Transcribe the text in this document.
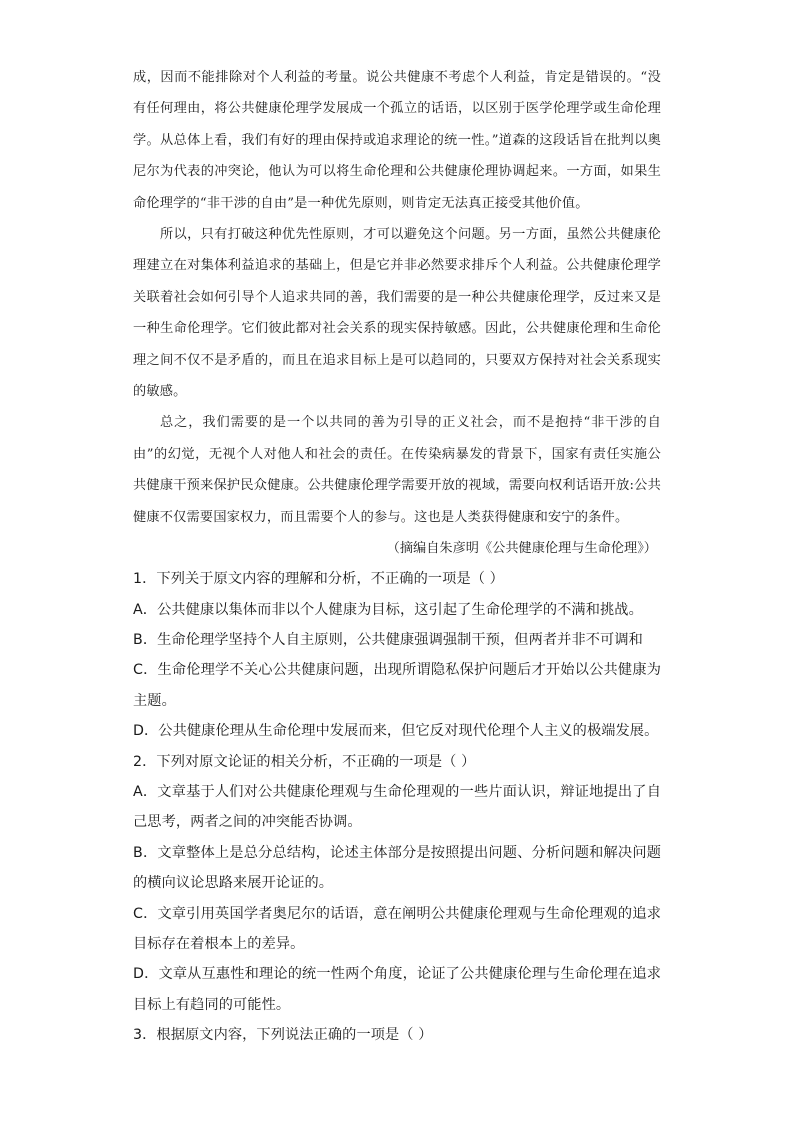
成，因而不能排除对个人利益的考量。说公共健康不考虑个人利益，肯定是错误的。“没有任何理由，将公共健康伦理学发展成一个孤立的话语，以区别于医学伦理学或生命伦理学。从总体上看，我们有好的理由保持或追求理论的统一性。”道森的这段话旨在批判以奥尼尔为代表的冲突论，他认为可以将生命伦理和公共健康伦理协调起来。一方面，如果生命伦理学的“非干涉的自由”是一种优先原则，则肯定无法真正接受其他价值。

所以，只有打破这种优先性原则，才可以避免这个问题。另一方面，虽然公共健康伦理建立在对集体利益追求的基础上，但是它并非必然要求排斥个人利益。公共健康伦理学关联着社会如何引导个人追求共同的善，我们需要的是一种公共健康伦理学，反过来又是一种生命伦理学。它们彼此都对社会关系的现实保持敏感。因此，公共健康伦理和生命伦理之间不仅不是矛盾的，而且在追求目标上是可以趋同的，只要双方保持对社会关系现实的敏感。

总之，我们需要的是一个以共同的善为引导的正义社会，而不是抱持“非干涉的自由”的幻觉，无视个人对他人和社会的责任。在传染病暴发的背景下，国家有责任实施公共健康干预来保护民众健康。公共健康伦理学需要开放的视域，需要向权利话语开放:公共健康不仅需要国家权力，而且需要个人的参与。这也是人类获得健康和安宁的条件。

（摘编自朱彦明《公共健康伦理与生命伦理》）

1．下列关于原文内容的理解和分析，不正确的一项是（ ）

A．公共健康以集体而非以个人健康为目标，这引起了生命伦理学的不满和挑战。

B．生命伦理学坚持个人自主原则，公共健康强调强制干预，但两者并非不可调和

C．生命伦理学不关心公共健康问题，出现所谓隐私保护问题后才开始以公共健康为主题。

D．公共健康伦理从生命伦理中发展而来，但它反对现代伦理个人主义的极端发展。

2．下列对原文论证的相关分析，不正确的一项是（ ）

A．文章基于人们对公共健康伦理观与生命伦理观的一些片面认识，辩证地提出了自己思考，两者之间的冲突能否协调。

B．文章整体上是总分总结构，论述主体部分是按照提出问题、分析问题和解决问题的横向议论思路来展开论证的。

C．文章引用英国学者奥尼尔的话语，意在阐明公共健康伦理观与生命伦理观的追求目标存在着根本上的差异。

D．文章从互惠性和理论的统一性两个角度，论证了公共健康伦理与生命伦理在追求目标上有趋同的可能性。

3．根据原文内容，下列说法正确的一项是（ ）
